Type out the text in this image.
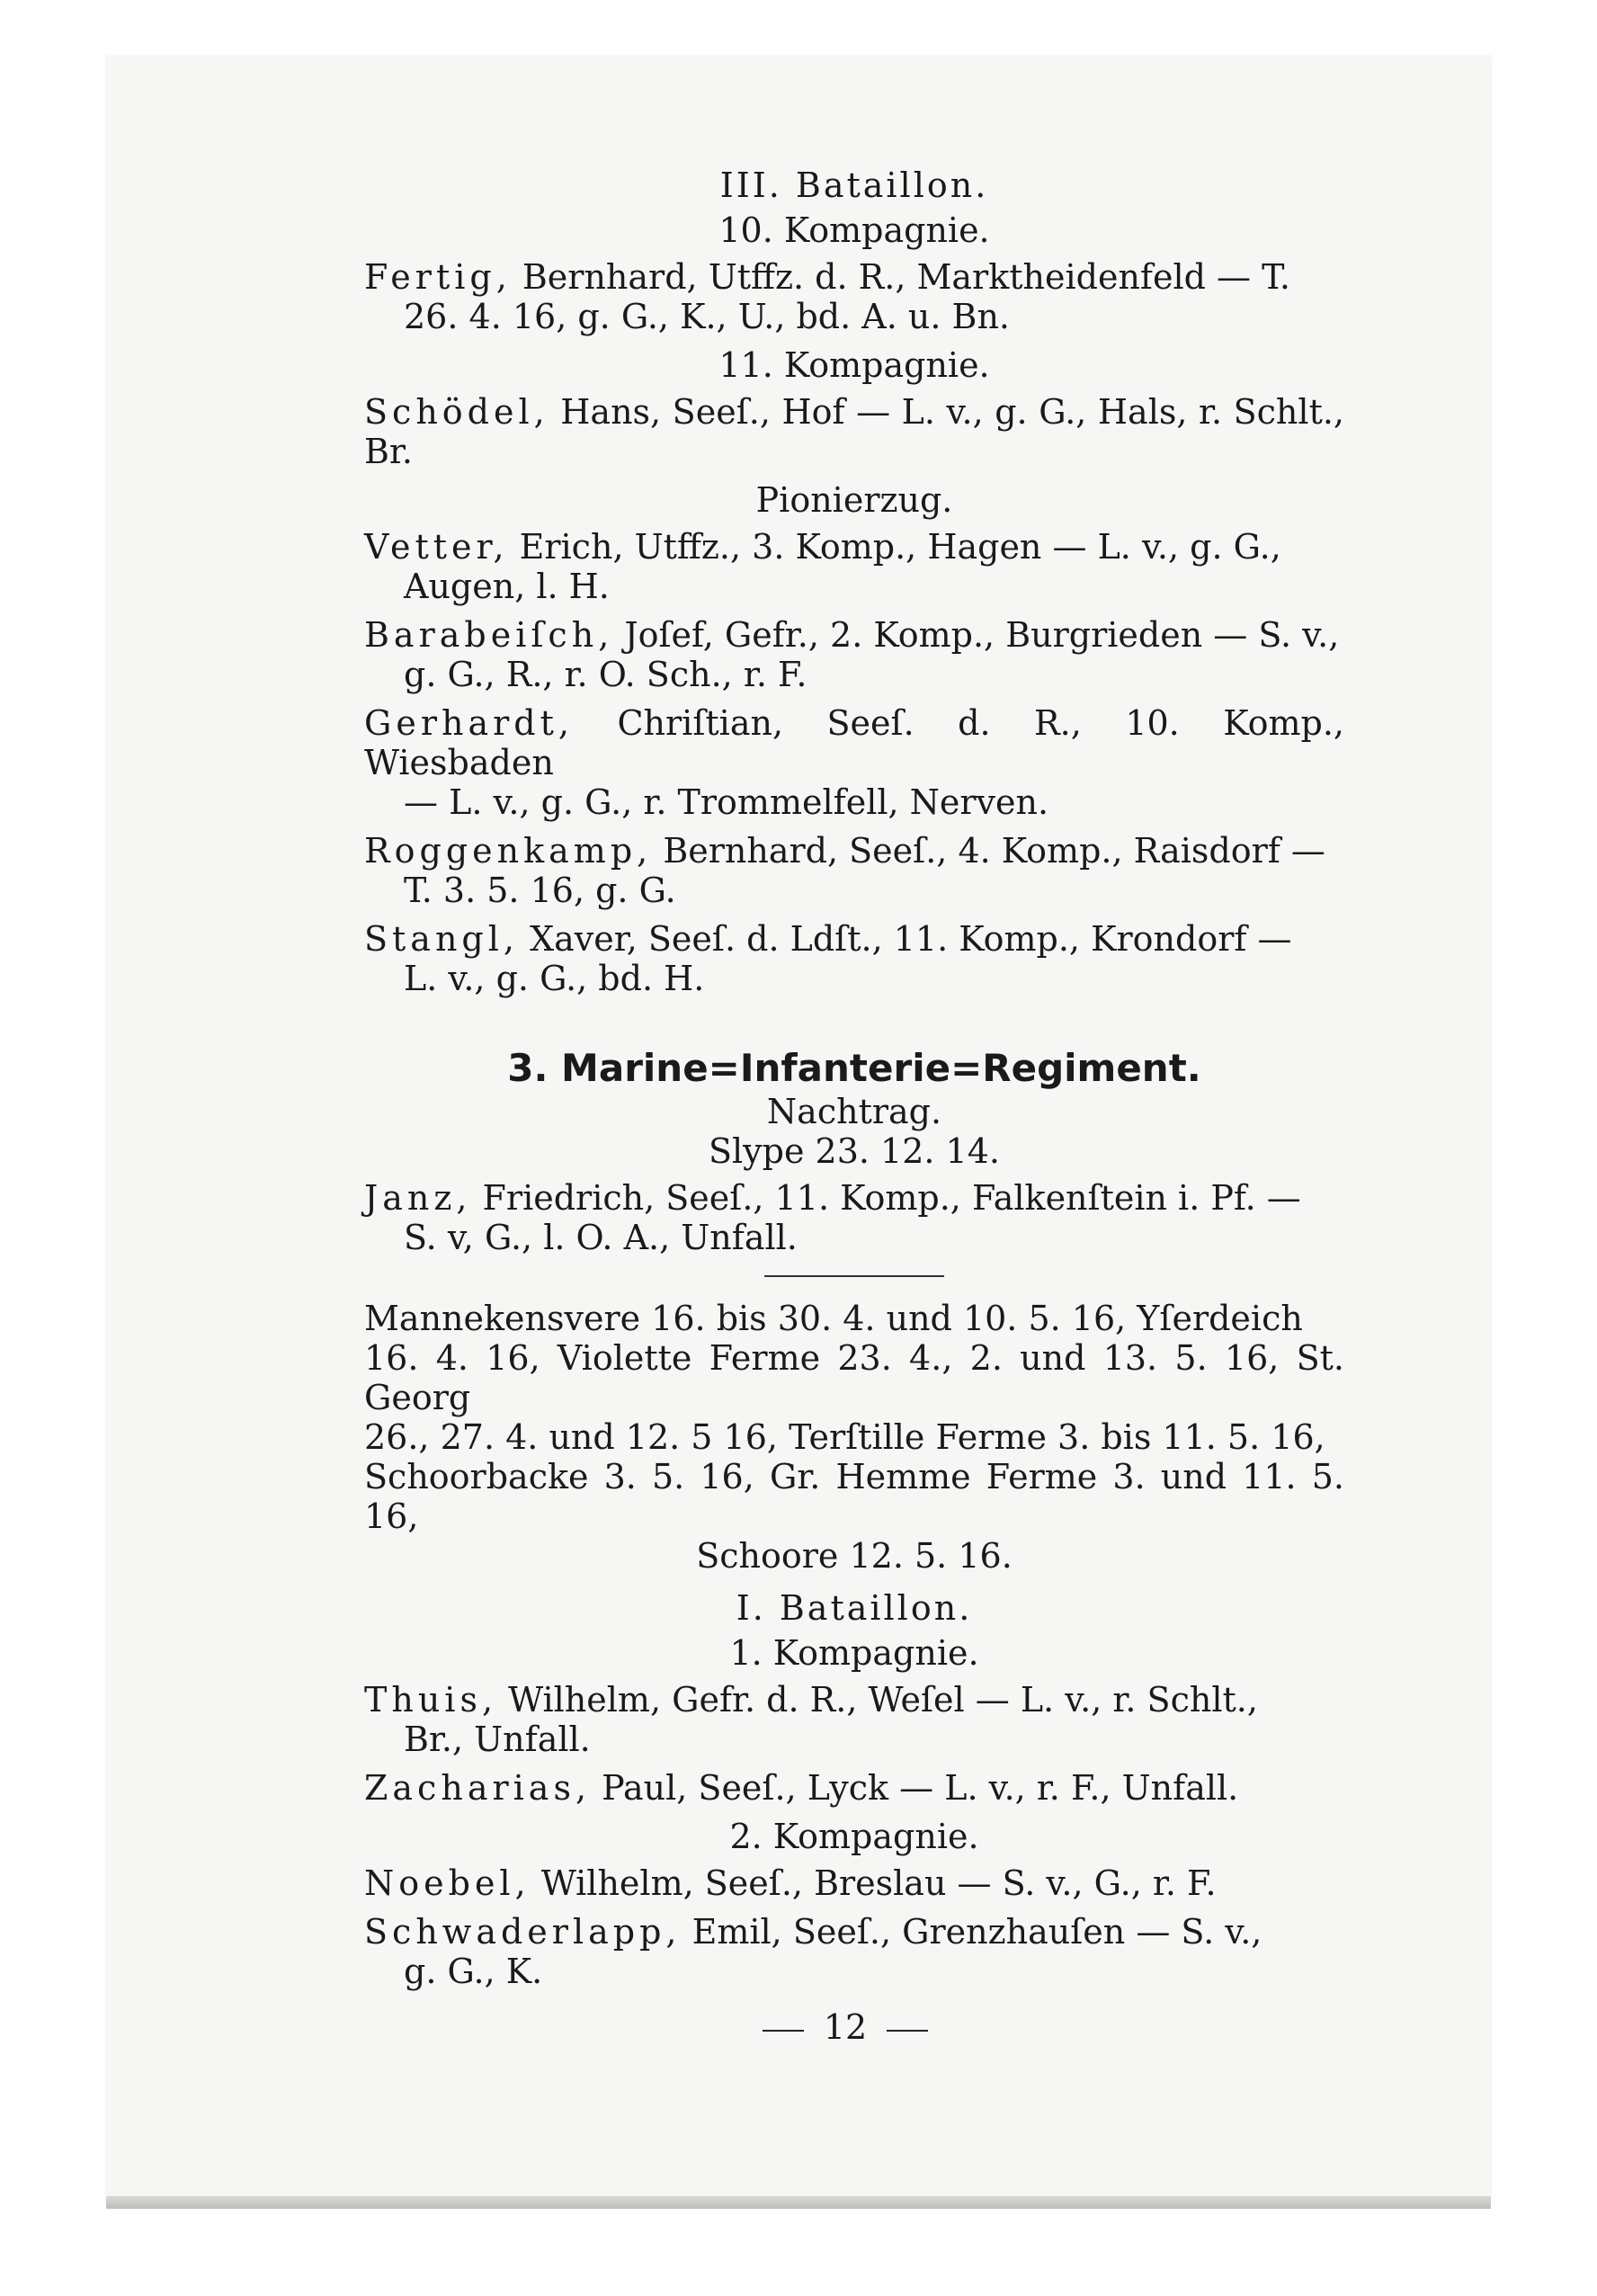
III. Bataillon.
10. Kompagnie.
Fertig, Bernhard, Utffz. d. R., Marktheidenfeld — T.
26. 4. 16, g. G., K., U., bd. A. u. Bn.
11. Kompagnie.
Schödel, Hans, Seeſ., Hof — L. v., g. G., Hals, r. Schlt., Br.
Pionierzug.
Vetter, Erich, Utffz., 3. Komp., Hagen — L. v., g. G.,
Augen, l. H.
Barabeiſch, Joſef, Gefr., 2. Komp., Burgrieden — S. v.,
g. G., R., r. O. Sch., r. F.
Gerhardt, Chriſtian, Seeſ. d. R., 10. Komp., Wiesbaden
— L. v., g. G., r. Trommelfell, Nerven.
Roggenkamp, Bernhard, Seeſ., 4. Komp., Raisdorf —
T. 3. 5. 16, g. G.
Stangl, Xaver, Seeſ. d. Ldſt., 11. Komp., Krondorf —
L. v., g. G., bd. H.
3. Marine=Infanterie=Regiment.
Nachtrag.
Slype 23. 12. 14.
Janz, Friedrich, Seeſ., 11. Komp., Falkenſtein i. Pf. —
S. v, G., l. O. A., Unfall.
Mannekensvere 16. bis 30. 4. und 10. 5. 16, Yſerdeich
16. 4. 16, Violette Ferme 23. 4., 2. und 13. 5. 16, St. Georg
26., 27. 4. und 12. 5 16, Terſtille Ferme 3. bis 11. 5. 16,
Schoorbacke 3. 5. 16, Gr. Hemme Ferme 3. und 11. 5. 16,
Schoore 12. 5. 16.
I. Bataillon.
1. Kompagnie.
Thuis, Wilhelm, Gefr. d. R., Weſel — L. v., r. Schlt.,
Br., Unfall.
Zacharias, Paul, Seeſ., Lyck — L. v., r. F., Unfall.
2. Kompagnie.
Noebel, Wilhelm, Seeſ., Breslau — S. v., G., r. F.
Schwaderlapp, Emil, Seeſ., Grenzhauſen — S. v.,
g. G., K.
12
